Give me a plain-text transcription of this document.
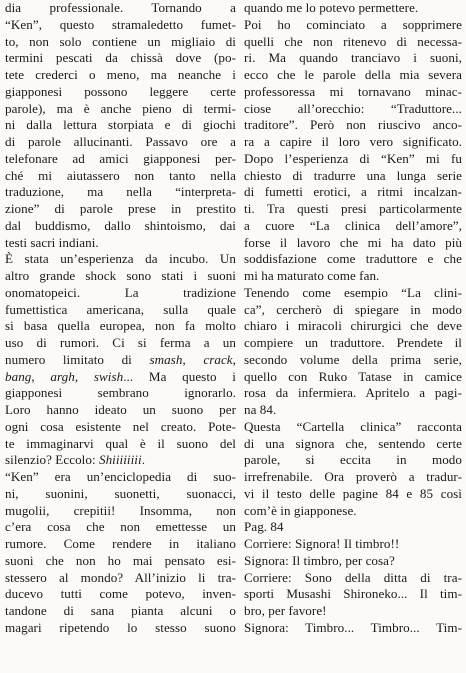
dia professionale. Tornando a
“Ken”, questo stramaledetto fumet-
to, non solo contiene un migliaio di
termini pescati da chissà dove (po-
tete crederci o meno, ma neanche i
giapponesi possono leggere certe
parole), ma è anche pieno di termi-
ni dalla lettura storpiata e di giochi
di parole allucinanti. Passavo ore a
telefonare ad amici giapponesi per-
ché mi aiutassero non tanto nella
traduzione, ma nella “interpreta-
zione” di parole prese in prestito
dal buddismo, dallo shintoismo, dai
testi sacri indiani.
È stata un’esperienza da incubo. Un
altro grande shock sono stati i suoni
onomatopeici. La tradizione
fumettistica americana, sulla quale
si basa quella europea, non fa molto
uso di rumori. Ci si ferma a un
numero limitato di smash, crack,
bang, argh, swish... Ma questo i
giapponesi sembrano ignorarlo.
Loro hanno ideato un suono per
ogni cosa esistente nel creato. Pote-
te immaginarvi qual è il suono del
silenzio? Eccolo: Shiiiiiiii.
“Ken” era un’enciclopedia di suo-
ni, suonini, suonetti, suonacci,
mugolii, crepitii! Insomma, non
c’era cosa che non emettesse un
rumore. Come rendere in italiano
suoni che non ho mai pensato esi-
stessero al mondo? All’inizio li tra-
ducevo tutti come potevo, inven-
tandone di sana pianta alcuni o
magari ripetendo lo stesso suono
quando me lo potevo permettere.
Poi ho cominciato a sopprimere
quelli che non ritenevo di necessa-
ri. Ma quando tranciavo i suoni,
ecco che le parole della mia severa
professoressa mi tornavano minac-
ciose all’orecchio: “Traduttore...
traditore”. Però non riuscivo anco-
ra a capire il loro vero significato.
Dopo l’esperienza di “Ken” mi fu
chiesto di tradurre una lunga serie
di fumetti erotici, a ritmi incalzan-
ti. Tra questi presi particolarmente
a cuore “La clinica dell’amore”,
forse il lavoro che mi ha dato più
soddisfazione come traduttore e che
mi ha maturato come fan.
Tenendo come esempio “La clini-
ca”, cercherò di spiegare in modo
chiaro i miracoli chirurgici che deve
compiere un traduttore. Prendete il
secondo volume della prima serie,
quello con Ruko Tatase in camice
rosa da infermiera. Apritelo a pagi-
na 84.
Questa “Cartella clinica” racconta
di una signora che, sentendo certe
parole, si eccita in modo
irrefrenabile. Ora proverò a tradur-
vi il testo delle pagine 84 e 85 così
com’è in giapponese.
Pag. 84
Corriere: Signora! Il timbro!!
Signora: Il timbro, per cosa?
Corriere: Sono della ditta di tra-
sporti Musashi Shironeko... Il tim-
bro, per favore!
Signora: Timbro... Timbro... Tim-
